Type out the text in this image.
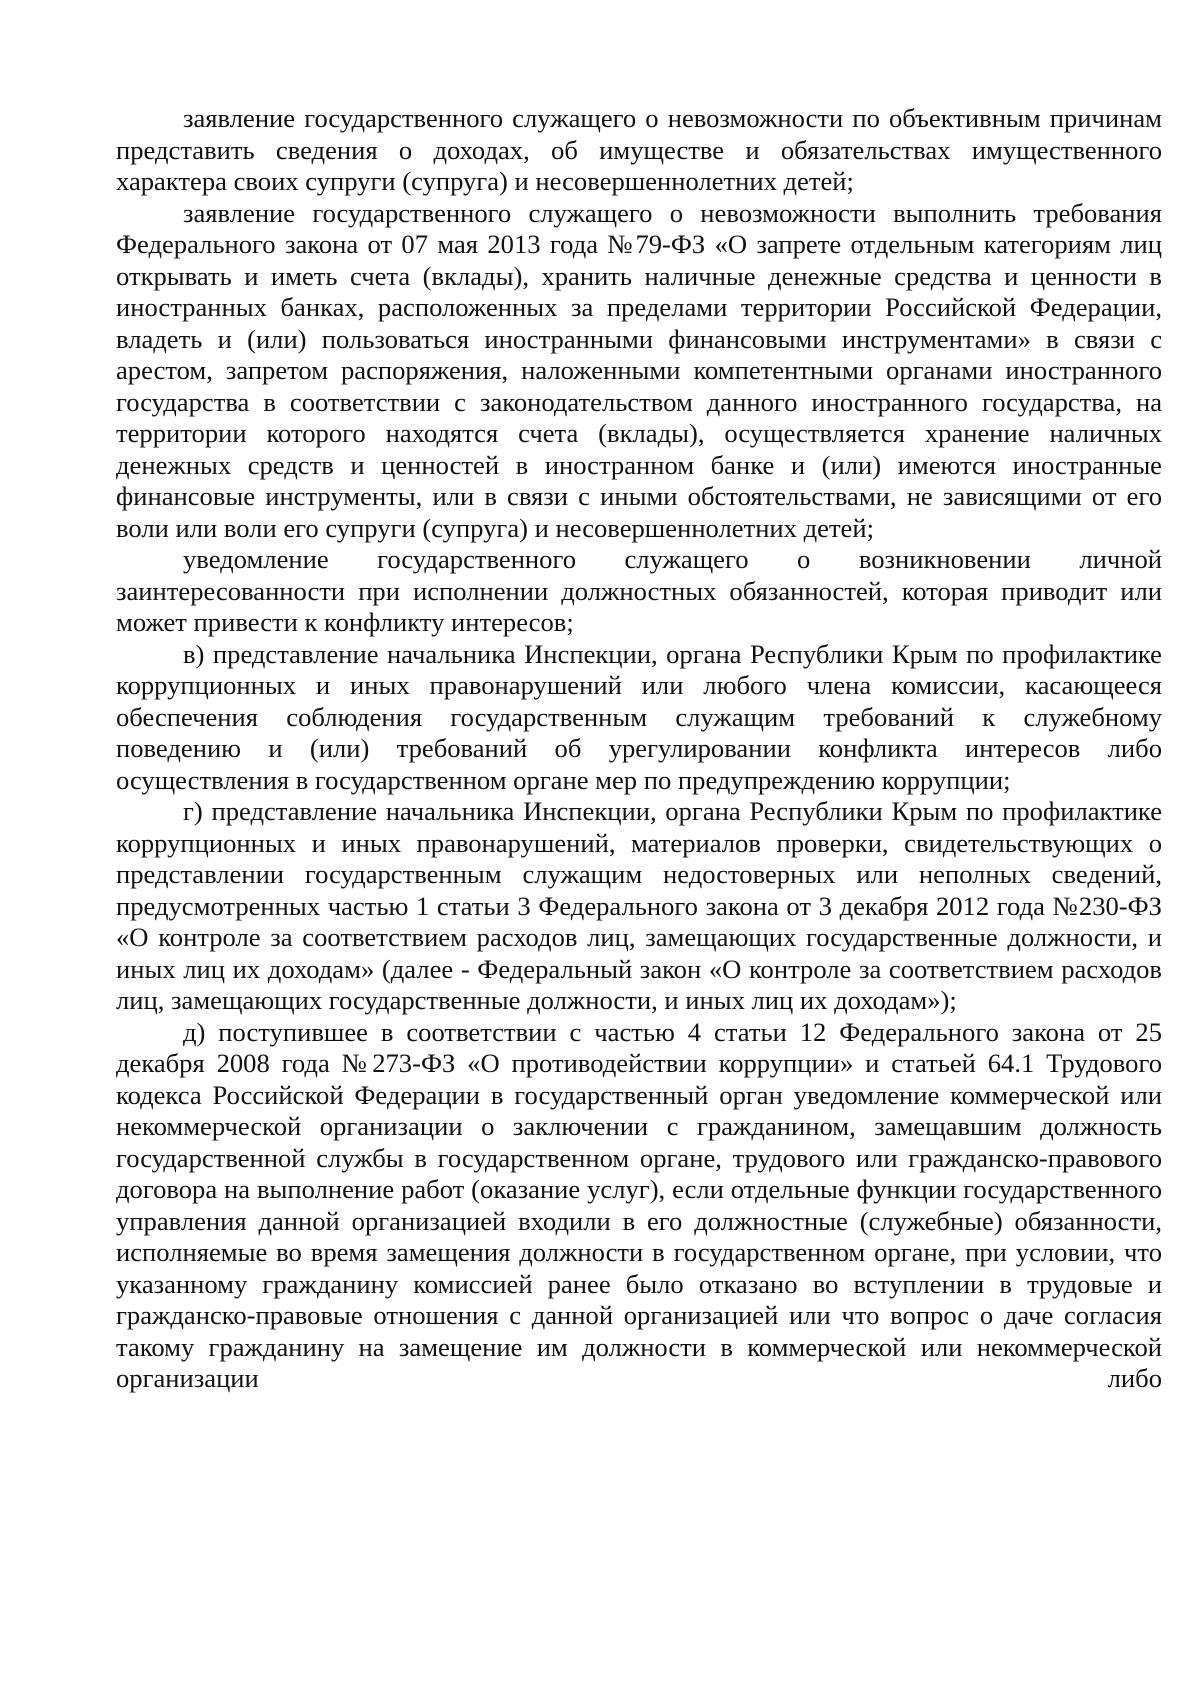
заявление государственного служащего о невозможности по объективным причинам представить сведения о доходах, об имуществе и обязательствах имущественного характера своих супруги (супруга) и несовершеннолетних детей;

заявление государственного служащего о невозможности выполнить требования Федерального закона от 07 мая 2013 года №79-ФЗ «О запрете отдельным категориям лиц открывать и иметь счета (вклады), хранить наличные денежные средства и ценности в иностранных банках, расположенных за пределами территории Российской Федерации, владеть и (или) пользоваться иностранными финансовыми инструментами» в связи с арестом, запретом распоряжения, наложенными компетентными органами иностранного государства в соответствии с законодательством данного иностранного государства, на территории которого находятся счета (вклады), осуществляется хранение наличных денежных средств и ценностей в иностранном банке и (или) имеются иностранные финансовые инструменты, или в связи с иными обстоятельствами, не зависящими от его воли или воли его супруги (супруга) и несовершеннолетних детей;

уведомление государственного служащего о возникновении личной заинтересованности при исполнении должностных обязанностей, которая приводит или может привести к конфликту интересов;

в) представление начальника Инспекции, органа Республики Крым по профилактике коррупционных и иных правонарушений или любого члена комиссии, касающееся обеспечения соблюдения государственным служащим требований к служебному поведению и (или) требований об урегулировании конфликта интересов либо осуществления в государственном органе мер по предупреждению коррупции;

г) представление начальника Инспекции, органа Республики Крым по профилактике коррупционных и иных правонарушений, материалов проверки, свидетельствующих о представлении государственным служащим недостоверных или неполных сведений, предусмотренных частью 1 статьи 3 Федерального закона от 3 декабря 2012 года №230-ФЗ «О контроле за соответствием расходов лиц, замещающих государственные должности, и иных лиц их доходам» (далее - Федеральный закон «О контроле за соответствием расходов лиц, замещающих государственные должности, и иных лиц их доходам»);

д) поступившее в соответствии с частью 4 статьи 12 Федерального закона от 25 декабря 2008 года №273-ФЗ «О противодействии коррупции» и статьей 64.1 Трудового кодекса Российской Федерации в государственный орган уведомление коммерческой или некоммерческой организации о заключении с гражданином, замещавшим должность государственной службы в государственном органе, трудового или гражданско-правового договора на выполнение работ (оказание услуг), если отдельные функции государственного управления данной организацией входили в его должностные (служебные) обязанности, исполняемые во время замещения должности в государственном органе, при условии, что указанному гражданину комиссией ранее было отказано во вступлении в трудовые и гражданско-правовые отношения с данной организацией или что вопрос о даче согласия такому гражданину на замещение им должности в коммерческой или некоммерческой организации либо
